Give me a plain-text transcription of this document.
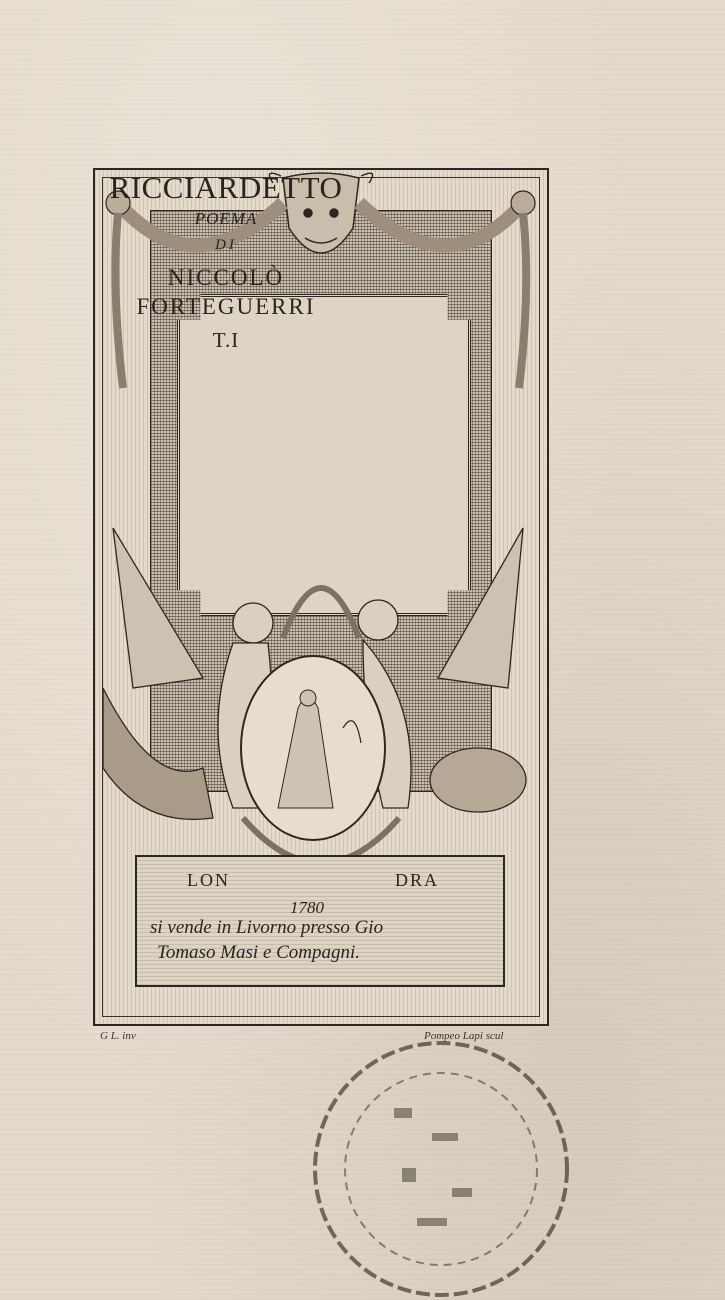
RICCIARDETTO
POEMA
DI
NICCOLÒ
FORTEGUERRI
T.I
LON	DRA
1780
si vende in Livorno presso Gio
Tomaso Masi e Compagni.
G L. inv	Pompeo Lapi scul
